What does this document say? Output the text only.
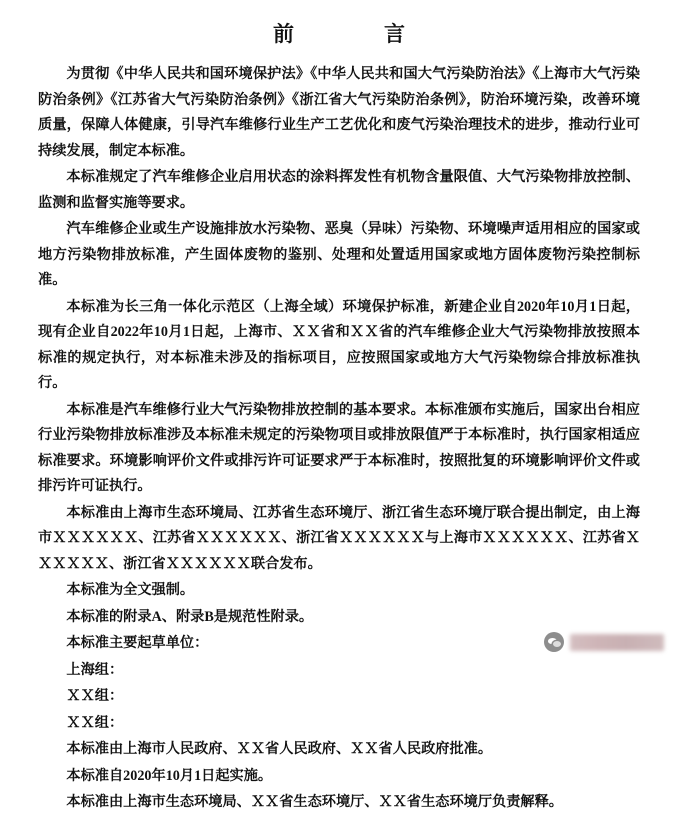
前　　言

为贯彻《中华人民共和国环境保护法》《中华人民共和国大气污染防治法》《上海市大气污染防治条例》《江苏省大气污染防治条例》《浙江省大气污染防治条例》，防治环境污染，改善环境质量，保障人体健康，引导汽车维修行业生产工艺优化和废气污染治理技术的进步，推动行业可持续发展，制定本标准。

本标准规定了汽车维修企业启用状态的涂料挥发性有机物含量限值、大气污染物排放控制、监测和监督实施等要求。

汽车维修企业或生产设施排放水污染物、恶臭（异味）污染物、环境噪声适用相应的国家或地方污染物排放标准，产生固体废物的鉴别、处理和处置适用国家或地方固体废物污染控制标准。

本标准为长三角一体化示范区（上海全域）环境保护标准，新建企业自2020年10月1日起，现有企业自2022年10月1日起，上海市、ＸＸ省和ＸＸ省的汽车维修企业大气污染物排放按照本标准的规定执行，对本标准未涉及的指标项目，应按照国家或地方大气污染物综合排放标准执行。

本标准是汽车维修行业大气污染物排放控制的基本要求。本标准颁布实施后，国家出台相应行业污染物排放标准涉及本标准未规定的污染物项目或排放限值严于本标准时，执行国家相适应标准要求。环境影响评价文件或排污许可证要求严于本标准时，按照批复的环境影响评价文件或排污许可证执行。

本标准由上海市生态环境局、江苏省生态环境厅、浙江省生态环境厅联合提出制定，由上海市ＸＸＸＸＸＸ、江苏省ＸＸＸＸＸＸ、浙江省ＸＸＸＸＸＸ与上海市ＸＸＸＸＸＸ、江苏省ＸＸＸＸＸＸ、浙江省ＸＸＸＸＸＸ联合发布。

本标准为全文强制。

本标准的附录A、附录B是规范性附录。

本标准主要起草单位：

上海组：

ＸＸ组：

ＸＸ组：

本标准由上海市人民政府、ＸＸ省人民政府、ＸＸ省人民政府批准。

本标准自2020年10月1日起实施。

本标准由上海市生态环境局、ＸＸ省生态环境厅、ＸＸ省生态环境厅负责解释。
